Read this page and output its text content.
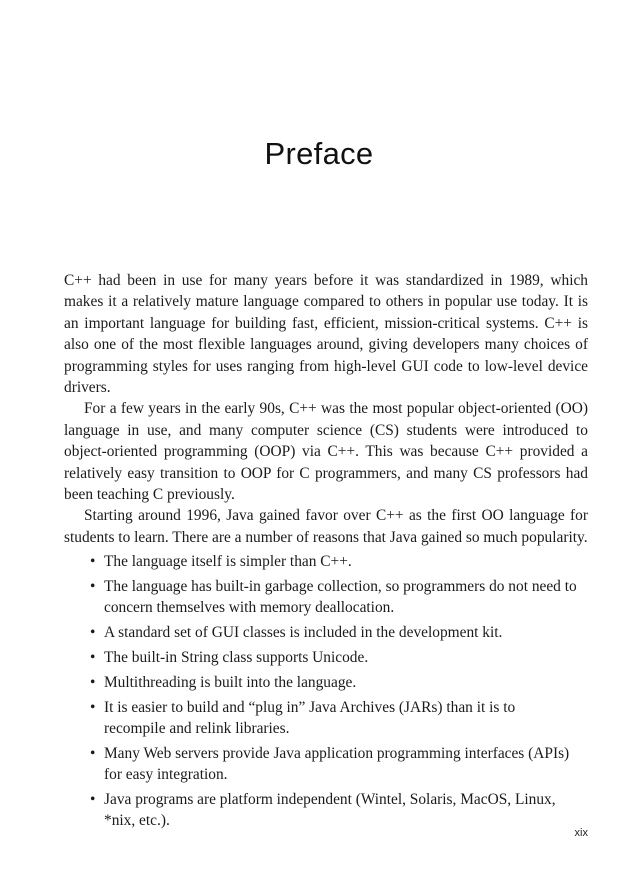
Preface

C++ had been in use for many years before it was standardized in 1989, which makes it a relatively mature language compared to others in popular use today. It is an important language for building fast, efficient, mission-critical systems. C++ is also one of the most flexible languages around, giving developers many choices of programming styles for uses ranging from high-level GUI code to low-level device drivers.

For a few years in the early 90s, C++ was the most popular object-oriented (OO) language in use, and many computer science (CS) students were introduced to object-oriented programming (OOP) via C++. This was because C++ provided a relatively easy transition to OOP for C programmers, and many CS professors had been teaching C previously.

Starting around 1996, Java gained favor over C++ as the first OO language for students to learn. There are a number of reasons that Java gained so much popularity.

• The language itself is simpler than C++.
• The language has built-in garbage collection, so programmers do not need to concern themselves with memory deallocation.
• A standard set of GUI classes is included in the development kit.
• The built-in String class supports Unicode.
• Multithreading is built into the language.
• It is easier to build and “plug in” Java Archives (JARs) than it is to recompile and relink libraries.
• Many Web servers provide Java application programming interfaces (APIs) for easy integration.
• Java programs are platform independent (Wintel, Solaris, MacOS, Linux, *nix, etc.).
xix
